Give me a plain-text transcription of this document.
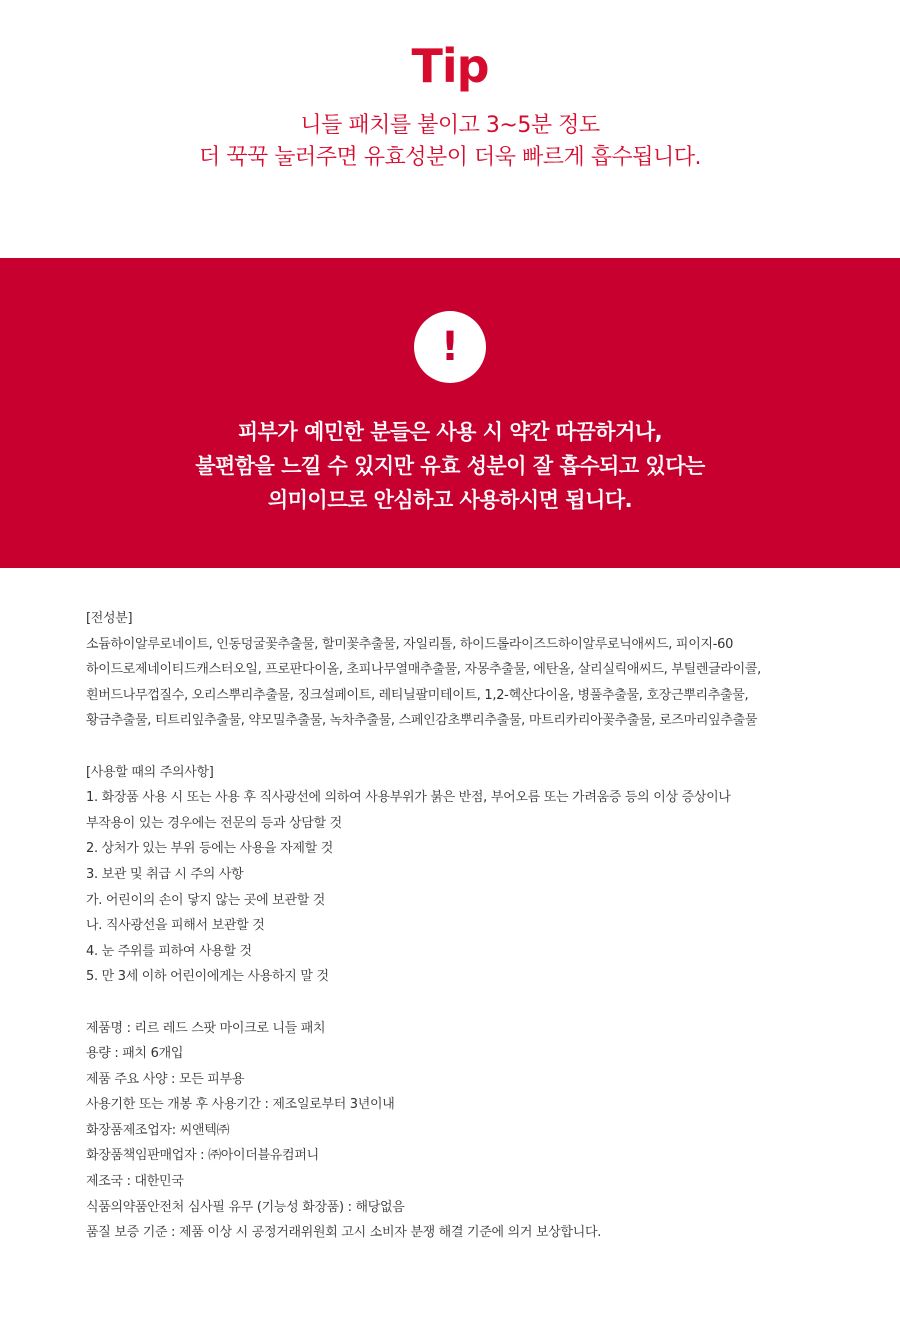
Tip
니들 패치를 붙이고 3~5분 정도
더 꾹꾹 눌러주면 유효성분이 더욱 빠르게 흡수됩니다.
!
피부가 예민한 분들은 사용 시 약간 따끔하거나,
불편함을 느낄 수 있지만 유효 성분이 잘 흡수되고 있다는
의미이므로 안심하고 사용하시면 됩니다.
[전성분]
소듐하이알루로네이트, 인동덩굴꽃추출물, 할미꽃추출물, 자일리톨, 하이드롤라이즈드하이알루로닉애씨드, 피이지-60
하이드로제네이티드캐스터오일, 프로판다이올, 초피나무열매추출물, 자몽추출물, 에탄올, 살리실릭애씨드, 부틸렌글라이콜,
흰버드나무껍질수, 오리스뿌리추출물, 징크설페이트, 레티닐팔미테이트, 1,2-헥산다이올, 병풀추출물, 호장근뿌리추출물,
황금추출물, 티트리잎추출물, 약모밀추출물, 녹차추출물, 스페인감초뿌리추출물, 마트리카리아꽃추출물, 로즈마리잎추출물
[사용할 때의 주의사항]
1. 화장품 사용 시 또는 사용 후 직사광선에 의하여 사용부위가 붉은 반점, 부어오름 또는 가려움증 등의 이상 증상이나
부작용이 있는 경우에는 전문의 등과 상담할 것
2. 상처가 있는 부위 등에는 사용을 자제할 것
3. 보관 및 취급 시 주의 사항
가. 어린이의 손이 닿지 않는 곳에 보관할 것
나. 직사광선을 피해서 보관할 것
4. 눈 주위를 피하여 사용할 것
5. 만 3세 이하 어린이에게는 사용하지 말 것
제품명 : 리르 레드 스팟 마이크로 니들 패치
용량 : 패치 6개입
제품 주요 사양 : 모든 피부용
사용기한 또는 개봉 후 사용기간 : 제조일로부터 3년이내
화장품제조업자: 씨앤텍㈜
화장품책임판매업자 : ㈜아이더블유컴퍼니
제조국 : 대한민국
식품의약품안전처 심사필 유무 (기능성 화장품) : 해당없음
품질 보증 기준 : 제품 이상 시 공정거래위원회 고시 소비자 분쟁 해결 기준에 의거 보상합니다.
